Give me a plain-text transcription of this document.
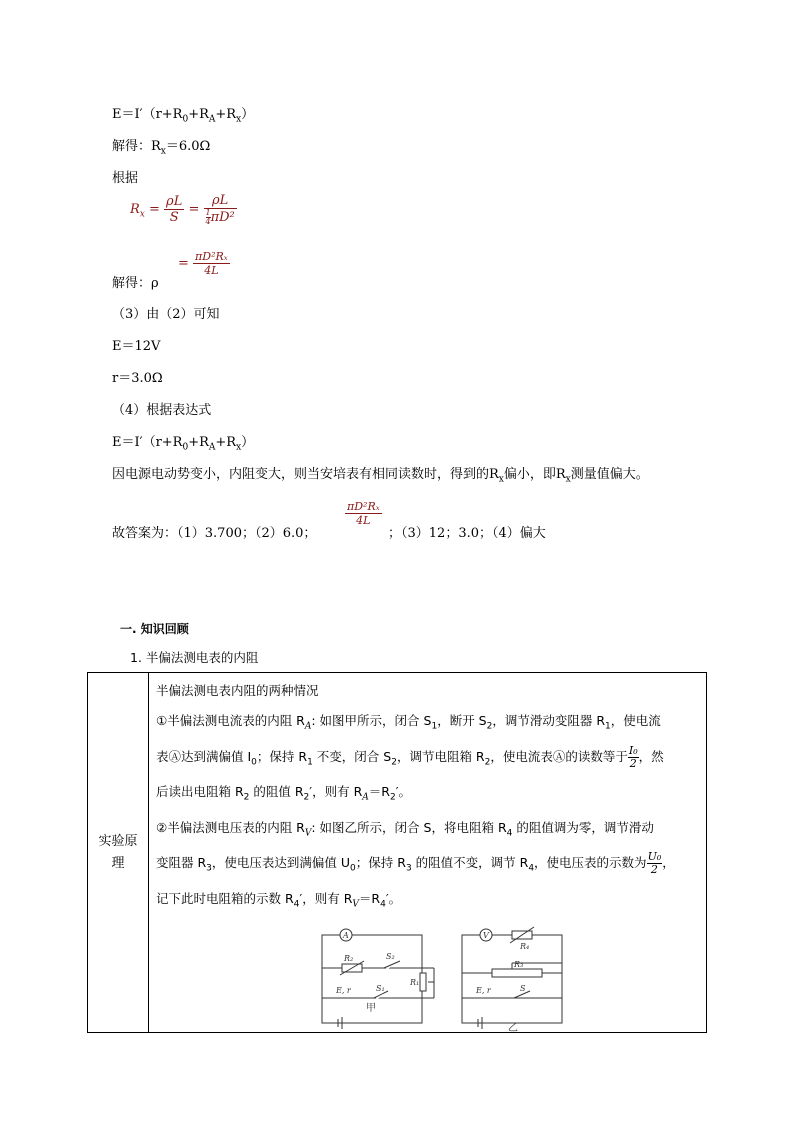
$E=I'(r+R_0+R_A+R_x)$
解得：$R_x=6.0\Omega$
根据
$R_x = \frac{\rho L}{S} = \frac{\rho L}{\frac{1}{4} \pi D^2}$
解得：ρ
= $\frac{\text{πD²Rₓ}}{4L}$
（3）由（2）可知
E＝12V
r＝3.0Ω
（4）根据表达式
$E=I'(r+R_0+R_A+R_x)$
因电源电动势变小，内阻变大，则当安培表有相同读数时，得到的$R_x$偏小，即$R_x$测量值偏大。
故答案为：（1）3.700；（2）6.0；
$\frac{\text{πD²Rₓ}}{4L}$
；（3）12；3.0；（4）偏大
一. 知识回顾
1. 半偏法测电表的内阻
实验原理

半偏法测电表内阻的两种情况
①半偏法测电流表的内阻 $R_A$: 如图甲所示，闭合 $S_1$，断开 $S_2$，调节滑动变阻器 $R_1$，使电流
表Ⓐ达到满偏值 $I_0$；保持 $R_1$ 不变，闭合 $S_2$，调节电阻箱 $R_2$，使电流表Ⓐ的读数等于 $\frac{\text{I₀}}{2}$ ，然
后读出电阻箱 $R_2$ 的阻值 $R_2'$，则有 $R_A=R_2'$。
②半偏法测电压表的内阻 $R_V$: 如图乙所示，闭合 S，将电阻箱 $R_4$ 的阻值调为零，调节滑动
变阻器 $R_3$，使电压表达到满偏值 $U_0$；保持 $R_3$ 的阻值不变，调节 $R_4$，使电压表的示数为 $\frac{\text{U₀}}{2}$ ，
记下此时电阻箱的示数 $R_4'$，则有 $R_V=R_4'$。
A
R₂	S₂
R₁
E, r	S₁
V
R₄
R₃
E, r	S
甲
乙
